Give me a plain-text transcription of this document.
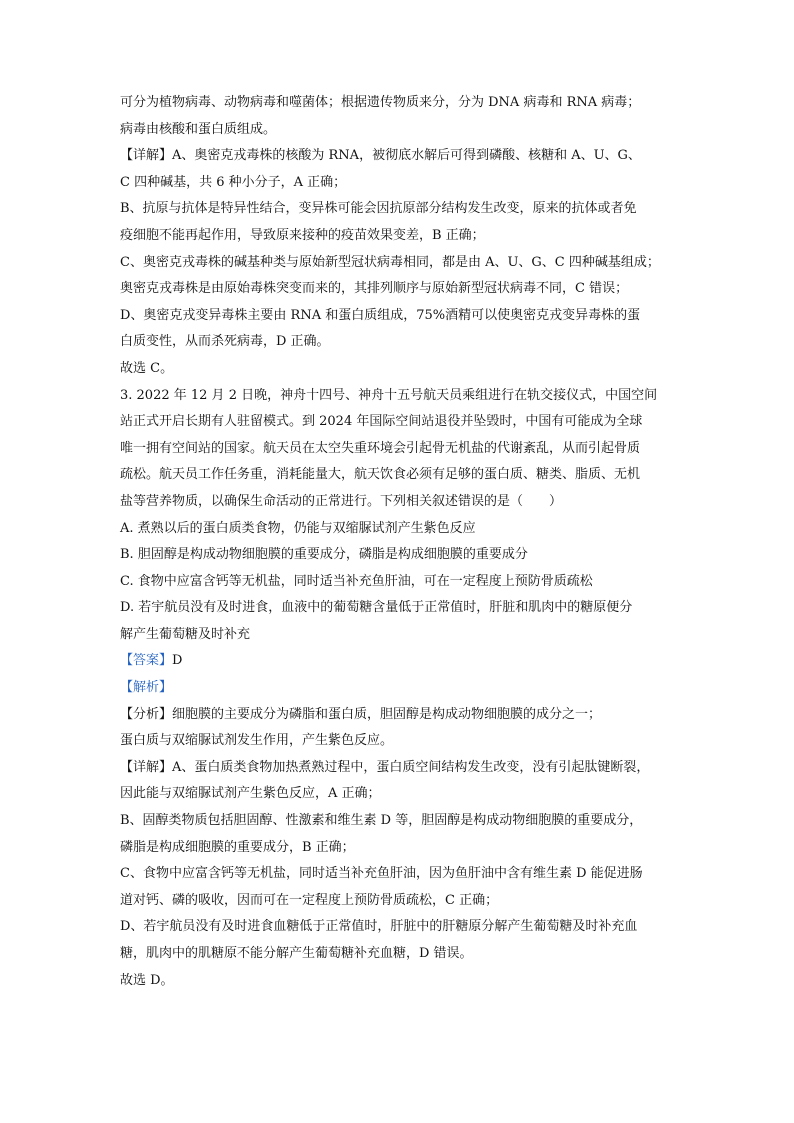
可分为植物病毒、动物病毒和噬菌体；根据遗传物质来分，分为 DNA 病毒和 RNA 病毒；

病毒由核酸和蛋白质组成。

【详解】A、奥密克戎毒株的核酸为 RNA，被彻底水解后可得到磷酸、核糖和 A、U、G、

C 四种碱基，共 6 种小分子，A 正确；

B、抗原与抗体是特异性结合，变异株可能会因抗原部分结构发生改变，原来的抗体或者免

疫细胞不能再起作用，导致原来接种的疫苗效果变差，B 正确；

C、奥密克戎毒株的碱基种类与原始新型冠状病毒相同，都是由 A、U、G、C 四种碱基组成；

奥密克戎毒株是由原始毒株突变而来的，其排列顺序与原始新型冠状病毒不同，C 错误；

D、奥密克戎变异毒株主要由 RNA 和蛋白质组成，75%酒精可以使奥密克戎变异毒株的蛋

白质变性，从而杀死病毒，D 正确。

故选 C。

3. 2022 年 12 月 2 日晚，神舟十四号、神舟十五号航天员乘组进行在轨交接仪式，中国空间

站正式开启长期有人驻留模式。到 2024 年国际空间站退役并坠毁时，中国有可能成为全球

唯一拥有空间站的国家。航天员在太空失重环境会引起骨无机盐的代谢紊乱，从而引起骨质

疏松。航天员工作任务重，消耗能量大，航天饮食必须有足够的蛋白质、糖类、脂质、无机

盐等营养物质，以确保生命活动的正常进行。下列相关叙述错误的是（　　）

A. 煮熟以后的蛋白质类食物，仍能与双缩脲试剂产生紫色反应

B. 胆固醇是构成动物细胞膜的重要成分，磷脂是构成细胞膜的重要成分

C. 食物中应富含钙等无机盐，同时适当补充鱼肝油，可在一定程度上预防骨质疏松

D. 若宇航员没有及时进食，血液中的葡萄糖含量低于正常值时，肝脏和肌肉中的糖原便分

解产生葡萄糖及时补充

【答案】D

【解析】

【分析】细胞膜的主要成分为磷脂和蛋白质，胆固醇是构成动物细胞膜的成分之一；

蛋白质与双缩脲试剂发生作用，产生紫色反应。

【详解】A、蛋白质类食物加热煮熟过程中，蛋白质空间结构发生改变，没有引起肽键断裂，

因此能与双缩脲试剂产生紫色反应，A 正确；

B、固醇类物质包括胆固醇、性激素和维生素 D 等，胆固醇是构成动物细胞膜的重要成分，

磷脂是构成细胞膜的重要成分，B 正确；

C、食物中应富含钙等无机盐，同时适当补充鱼肝油，因为鱼肝油中含有维生素 D 能促进肠

道对钙、磷的吸收，因而可在一定程度上预防骨质疏松，C 正确；

D、若宇航员没有及时进食血糖低于正常值时，肝脏中的肝糖原分解产生葡萄糖及时补充血

糖，肌肉中的肌糖原不能分解产生葡萄糖补充血糖，D 错误。

故选 D。
